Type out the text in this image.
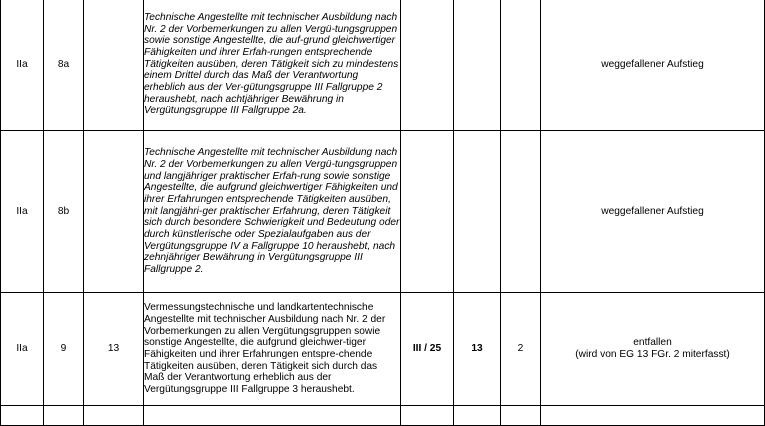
IIa	8a		Technische Angestellte mit technischer Ausbildung nach Nr. 2 der Vorbemerkungen zu allen Vergü-tungsgruppen sowie sonstige Angestellte, die auf-grund gleichwertiger Fähigkeiten und ihrer Erfah-rungen entsprechende Tätigkeiten ausüben, deren Tätigkeit sich zu mindestens einem Drittel durch das Maß der Verantwortung erheblich aus der Ver-gütungsgruppe III Fallgruppe 2 heraushebt, nach achtjähriger Bewährung in Vergütungsgruppe III Fallgruppe 2a.				weggefallener Aufstieg

IIa	8b		Technische Angestellte mit technischer Ausbildung nach Nr. 2 der Vorbemerkungen zu allen Vergü-tungsgruppen und langjähriger praktischer Erfah-rung sowie sonstige Angestellte, die aufgrund gleichwertiger Fähigkeiten und ihrer Erfahrungen entsprechende Tätigkeiten ausüben, mit langjähri-ger praktischer Erfahrung, deren Tätigkeit sich durch besondere Schwierigkeit und Bedeutung oder durch künstlerische oder Spezialaufgaben aus der Vergütungsgruppe IV a Fallgruppe 10 heraushebt, nach zehnjähriger Bewährung in Vergütungsgruppe III Fallgruppe 2.				weggefallener Aufstieg

IIa	9	13	Vermessungstechnische und landkartentechnische Angestellte mit technischer Ausbildung nach Nr. 2 der Vorbemerkungen zu allen Vergütungsgruppen sowie sonstige Angestellte, die aufgrund gleichwer-tiger Fähigkeiten und ihrer Erfahrungen entspre-chende Tätigkeiten ausüben, deren Tätigkeit sich durch das Maß der Verantwortung erheblich aus der Vergütungsgruppe III Fallgruppe 3 heraushebt.	III / 25	13	2	entfallen
(wird von EG 13 FGr. 2 miterfasst)
